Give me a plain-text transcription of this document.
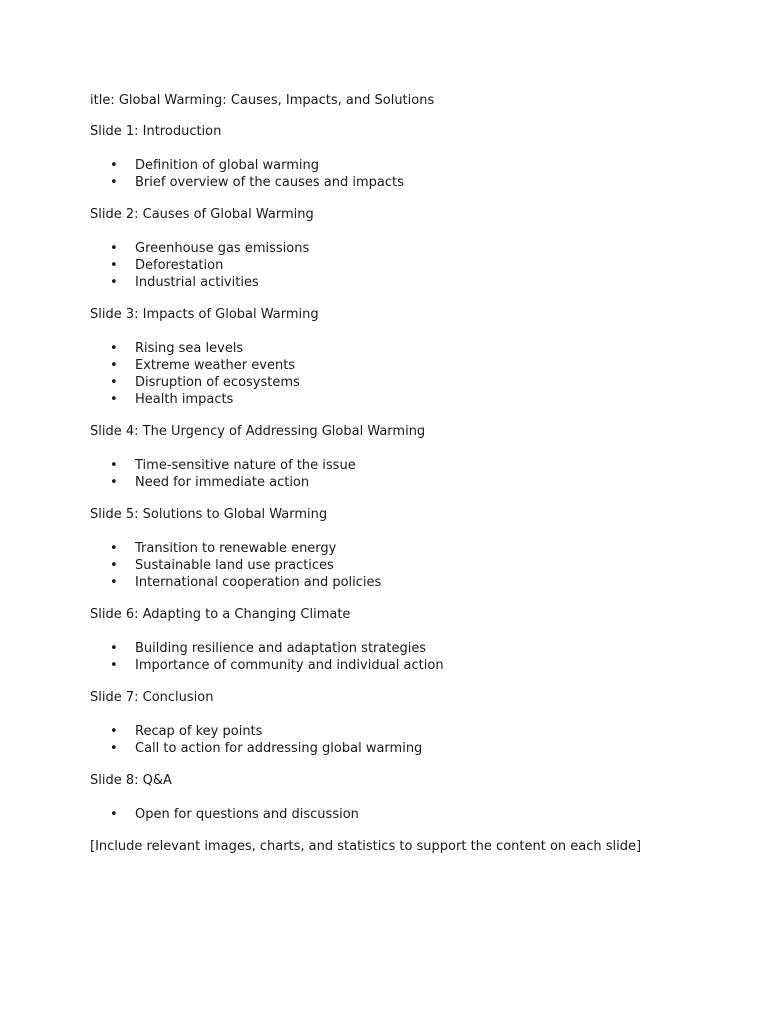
itle: Global Warming: Causes, Impacts, and Solutions

Slide 1: Introduction

• Definition of global warming
• Brief overview of the causes and impacts

Slide 2: Causes of Global Warming

• Greenhouse gas emissions
• Deforestation
• Industrial activities

Slide 3: Impacts of Global Warming

• Rising sea levels
• Extreme weather events
• Disruption of ecosystems
• Health impacts

Slide 4: The Urgency of Addressing Global Warming

• Time-sensitive nature of the issue
• Need for immediate action

Slide 5: Solutions to Global Warming

• Transition to renewable energy
• Sustainable land use practices
• International cooperation and policies

Slide 6: Adapting to a Changing Climate

• Building resilience and adaptation strategies
• Importance of community and individual action

Slide 7: Conclusion

• Recap of key points
• Call to action for addressing global warming

Slide 8: Q&A

• Open for questions and discussion

[Include relevant images, charts, and statistics to support the content on each slide]
